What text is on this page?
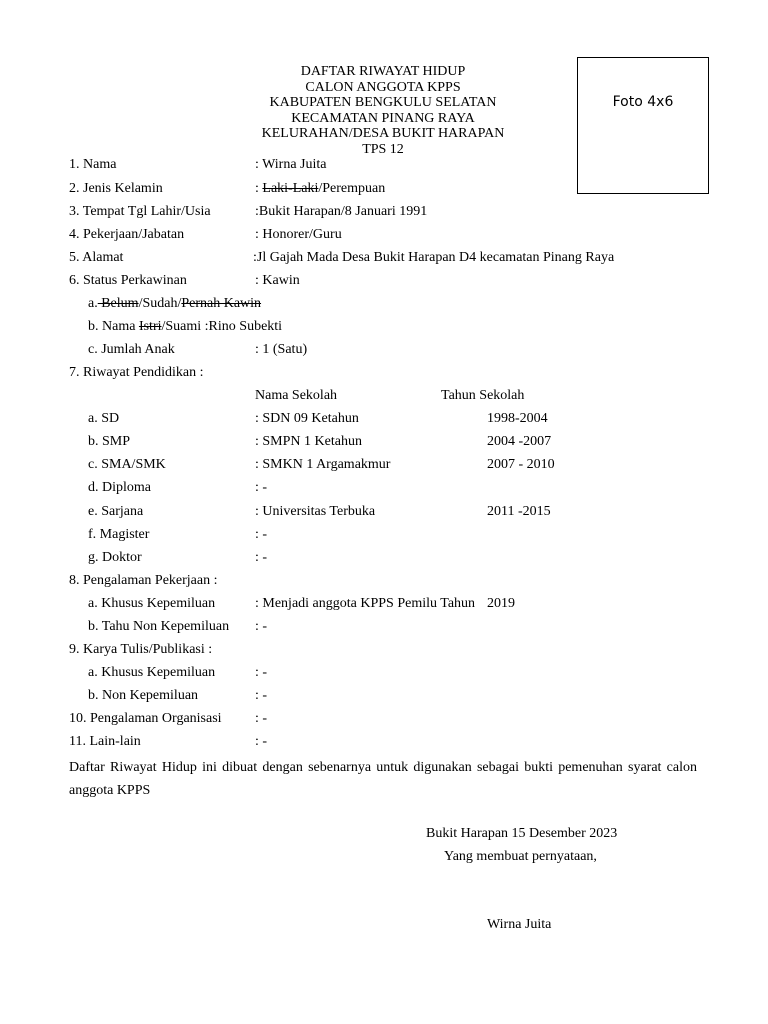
DAFTAR RIWAYAT HIDUP
CALON ANGGOTA KPPS
KABUPATEN BENGKULU SELATAN
KECAMATAN PINANG RAYA
KELURAHAN/DESA BUKIT HARAPAN
TPS 12
Foto 4x6
1. Nama	: Wirna Juita
2. Jenis Kelamin	: Laki-Laki/Perempuan
3. Tempat Tgl Lahir/Usia	:Bukit Harapan/8 Januari 1991
4. Pekerjaan/Jabatan	: Honorer/Guru
5. Alamat	:Jl Gajah Mada Desa Bukit Harapan D4 kecamatan Pinang Raya
6. Status Perkawinan	: Kawin
a. Belum/Sudah/Pernah Kawin
b. Nama Istri/Suami :Rino Subekti
c. Jumlah Anak	: 1 (Satu)
7. Riwayat Pendidikan :
Nama Sekolah	Tahun Sekolah
a. SD	: SDN 09 Ketahun	1998-2004
b. SMP	: SMPN 1 Ketahun	2004 -2007
c. SMA/SMK	: SMKN 1 Argamakmur	2007 - 2010
d. Diploma	: -
e. Sarjana	: Universitas Terbuka	2011 -2015
f. Magister	: -
g. Doktor	: -
8. Pengalaman Pekerjaan :
a. Khusus Kepemiluan	: Menjadi anggota KPPS Pemilu Tahun 2019
b. Tahu Non Kepemiluan : -
9. Karya Tulis/Publikasi :
a. Khusus Kepemiluan	: -
b. Non Kepemiluan	: -
10. Pengalaman Organisasi : -
11. Lain-lain	: -
Daftar Riwayat Hidup ini dibuat dengan sebenarnya untuk digunakan sebagai bukti pemenuhan syarat calon anggota KPPS
Bukit Harapan 15 Desember 2023
Yang membuat pernyataan,
Wirna Juita
